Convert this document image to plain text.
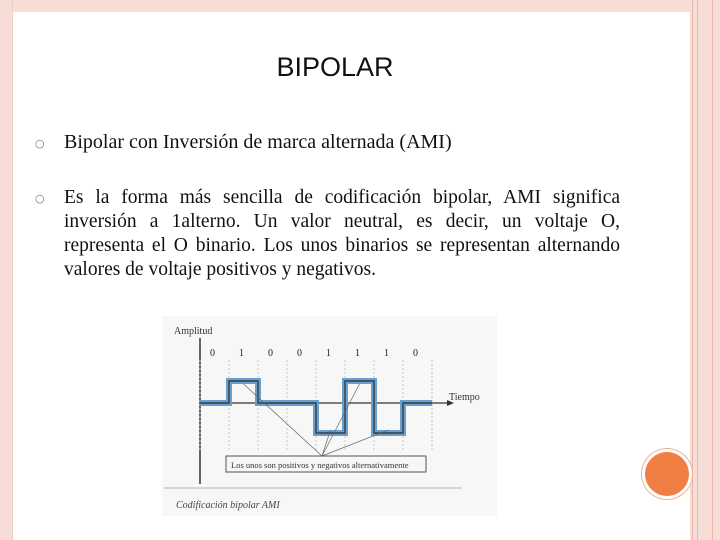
BIPOLAR
○ Bipolar con Inversión de marca alternada (AMI)
○ Es la forma más sencilla de codificación bipolar, AMI significa inversión a 1alterno. Un valor neutral, es decir, un voltaje O, representa el O binario. Los unos binarios se representan alternando valores de voltaje positivos y negativos.
Amplitud
Tiempo
0 1 0 0 1 1 1 0
Los unos son positivos y negativos alternativamente
Codificación bipolar AMI
